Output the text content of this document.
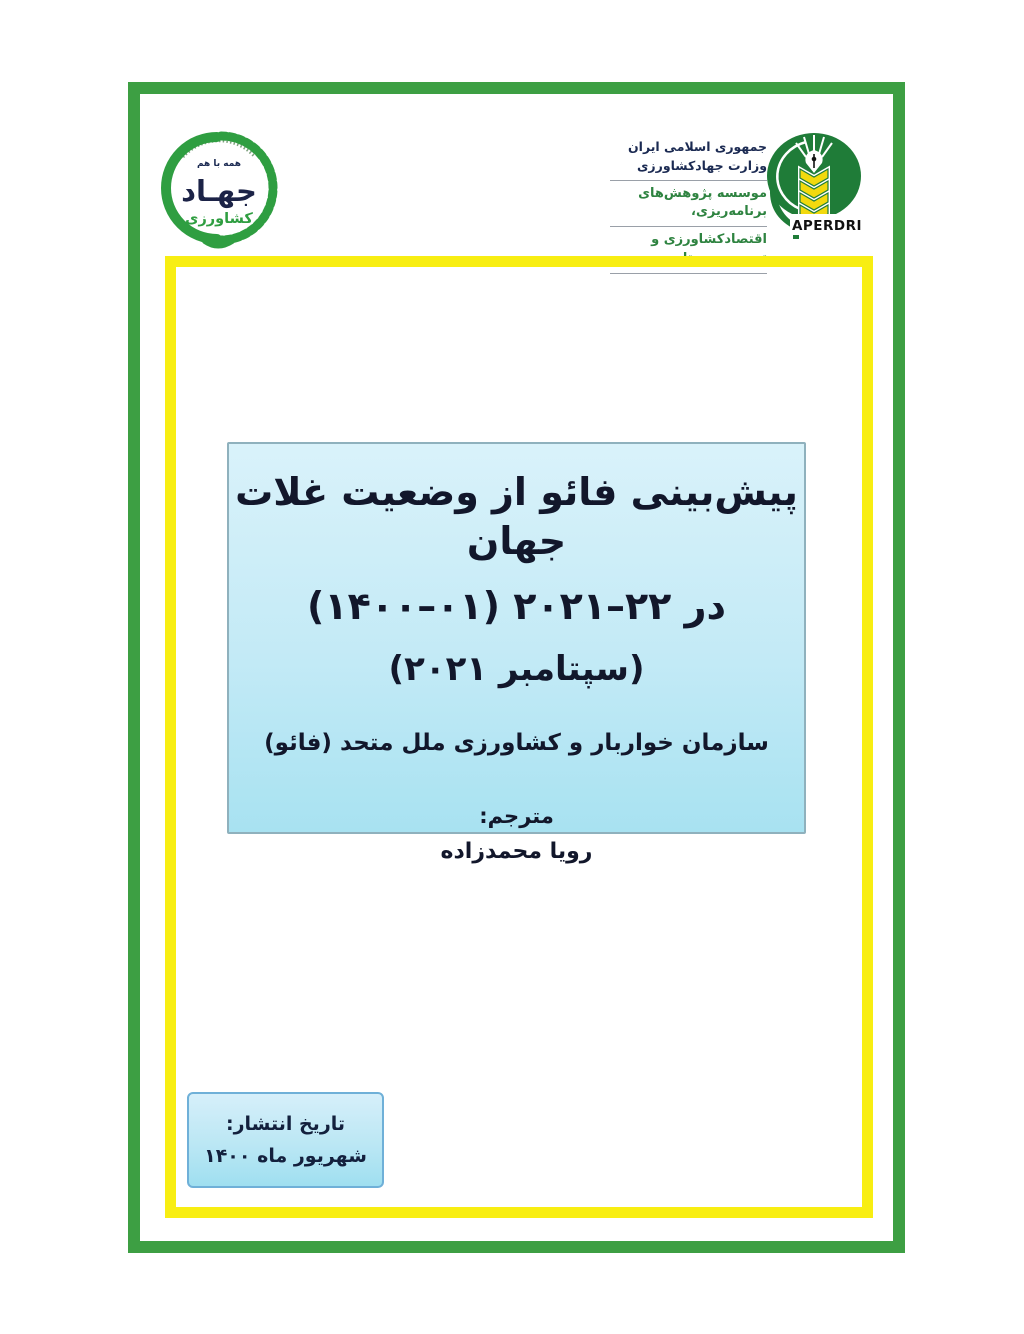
همه با هم
جهـاد
کشاورزی
جمهوری اسلامی ایران
وزارت جهادکشاورزی
موسسه پژوهش‌های برنامه‌ریزی،
اقتصادکشاورزی و توسعه روستایی
APERDRI
پیش‌بینی فائو از وضعیت غلات جهان
در ۲۲–۲۰۲۱ (۰۱–۱۴۰۰)
(سپتامبر ۲۰۲۱)
سازمان خواربار و کشاورزی ملل متحد (فائو)
مترجم:
رویا محمدزاده
تاریخ انتشار:
شهریور ماه ۱۴۰۰
